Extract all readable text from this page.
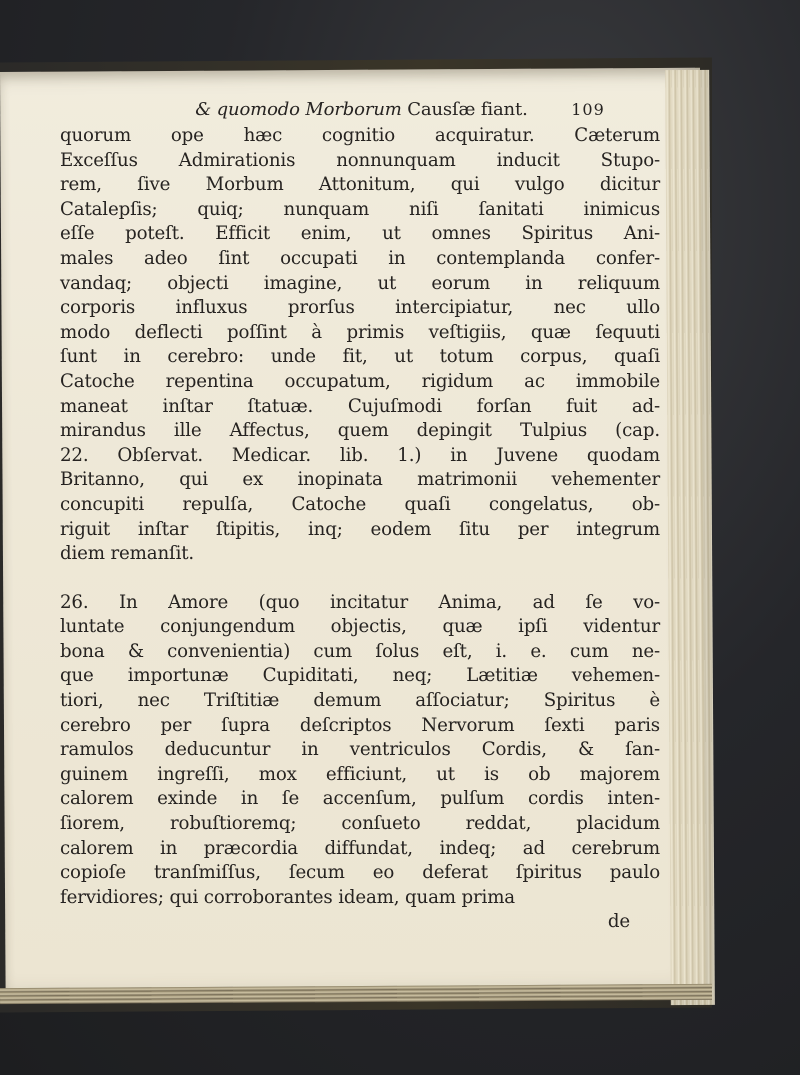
& quomodo Morborum Causſæ fiant.	109
quorum ope hæc cognitio acquiratur. Cæterum
Exceſſus Admirationis nonnunquam inducit Stupo-
rem, ſive Morbum Attonitum, qui vulgo dicitur
Catalepſis; quiq; nunquam niſi ſanitati inimicus
eſſe poteſt. Efficit enim, ut omnes Spiritus Ani-
males adeo ſint occupati in contemplanda confer-
vandaq; objecti imagine, ut eorum in reliquum
corporis influxus prorſus intercipiatur, nec ullo
modo deflecti poſſint à primis veſtigiis, quæ ſequuti
ſunt in cerebro: unde fit, ut totum corpus, quaſi
Catoche repentina occupatum, rigidum ac immobile
maneat inſtar ſtatuæ. Cujuſmodi forſan fuit ad-
mirandus ille Affectus, quem depingit Tulpius (cap.
22. Obſervat. Medicar. lib. 1.) in Juvene quodam
Britanno, qui ex inopinata matrimonii vehementer
concupiti repulſa, Catoche quaſi congelatus, ob-
riguit inſtar ſtipitis, inq; eodem ſitu per integrum
diem remanſit.
26. In Amore (quo incitatur Anima, ad ſe vo-
luntate conjungendum objectis, quæ ipſi videntur
bona & convenientia) cum ſolus eſt, i. e. cum ne-
que importunæ Cupiditati, neq; Lætitiæ vehemen-
tiori, nec Triſtitiæ demum aſſociatur; Spiritus è
cerebro per ſupra deſcriptos Nervorum ſexti paris
ramulos deducuntur in ventriculos Cordis, & ſan-
guinem ingreſſi, mox efficiunt, ut is ob majorem
calorem exinde in ſe accenſum, pulſum cordis inten-
ſiorem, robuſtioremq; conſueto reddat, placidum
calorem in præcordia diffundat, indeq; ad cerebrum
copioſe tranſmiſſus, ſecum eo deferat ſpiritus paulo
fervidiores; qui corroborantes ideam, quam prima
de
